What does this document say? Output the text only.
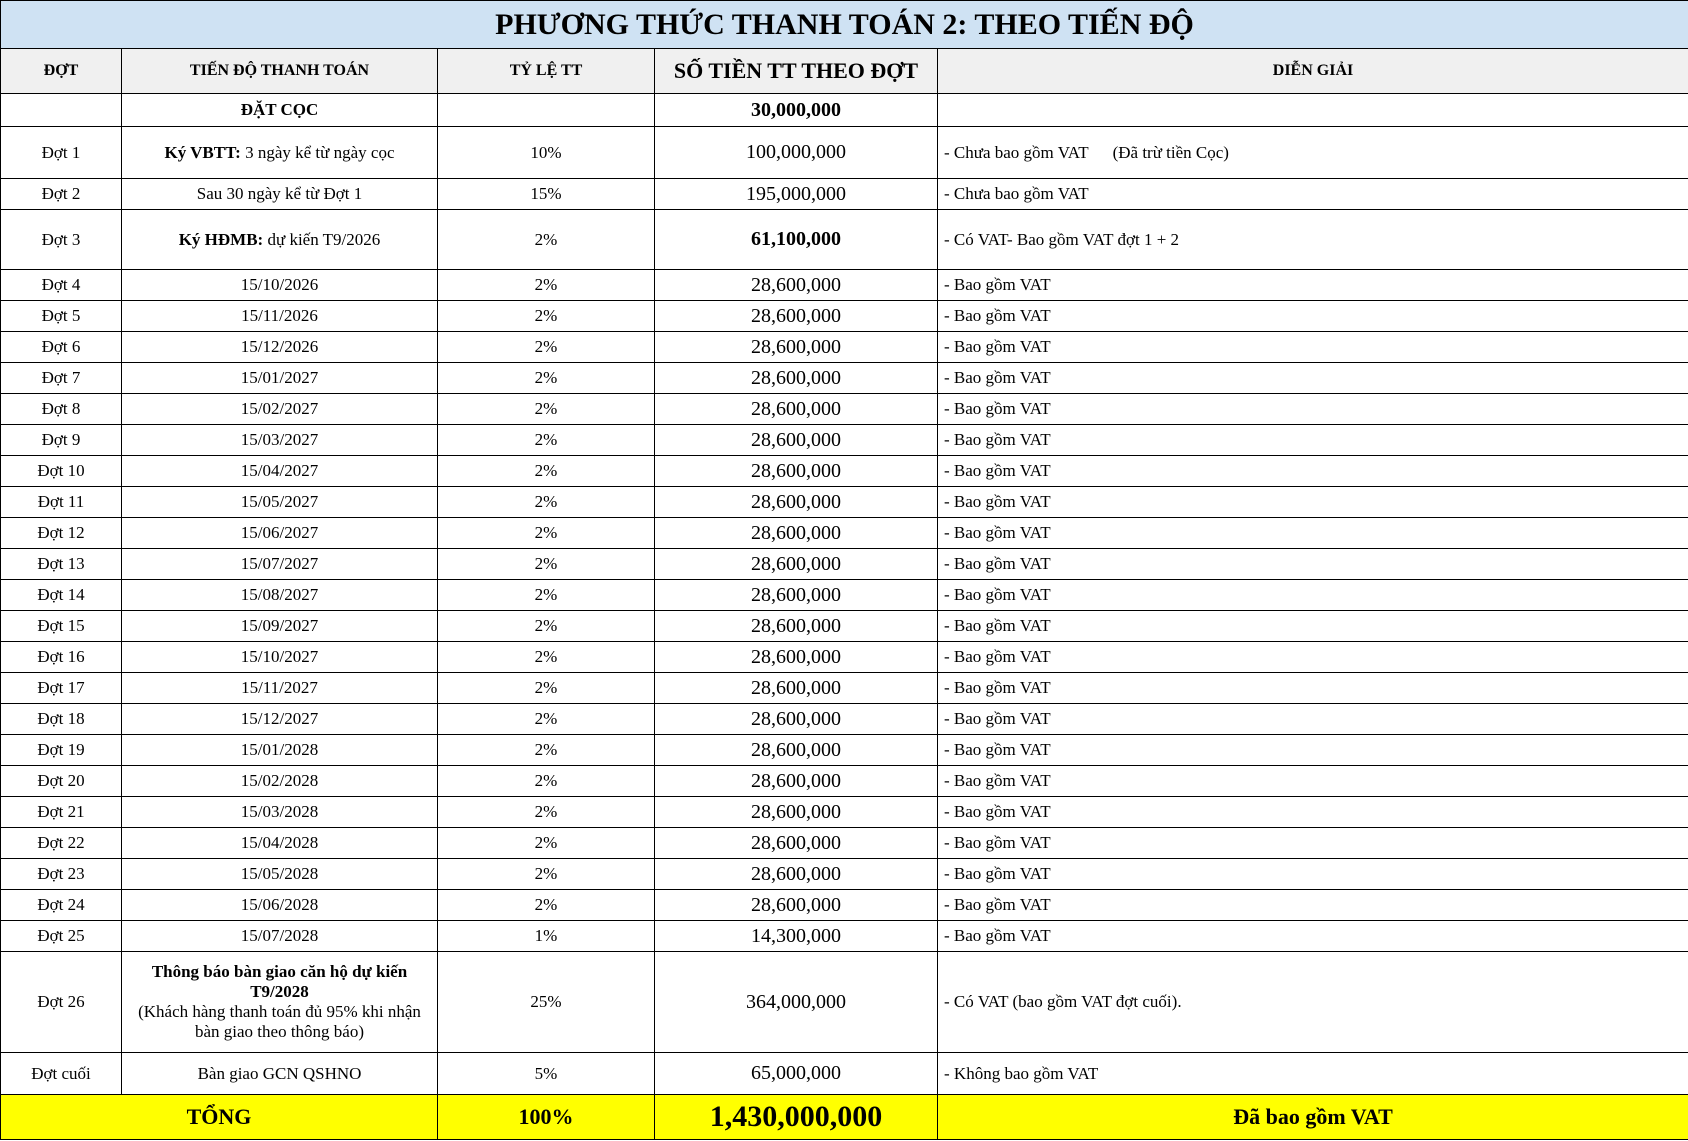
PHƯƠNG THỨC THANH TOÁN 2: THEO TIẾN ĐỘ				
ĐỢT	TIẾN ĐỘ THANH TOÁN	TỶ LỆ TT	SỐ TIỀN TT THEO ĐỢT	DIỄN GIẢI
	ĐẶT CỌC		30,000,000	
Đợt 1	Ký VBTT: 3 ngày kể từ ngày cọc	10%	100,000,000	- Chưa bao gồm VAT (Đã trừ tiền Cọc)
Đợt 2	Sau 30 ngày kể từ Đợt 1	15%	195,000,000	- Chưa bao gồm VAT
Đợt 3	Ký HĐMB: dự kiến T9/2026	2%	61,100,000	- Có VAT- Bao gồm VAT đợt 1 + 2
Đợt 4	15/10/2026	2%	28,600,000	- Bao gồm VAT
Đợt 5	15/11/2026	2%	28,600,000	- Bao gồm VAT
Đợt 6	15/12/2026	2%	28,600,000	- Bao gồm VAT
Đợt 7	15/01/2027	2%	28,600,000	- Bao gồm VAT
Đợt 8	15/02/2027	2%	28,600,000	- Bao gồm VAT
Đợt 9	15/03/2027	2%	28,600,000	- Bao gồm VAT
Đợt 10	15/04/2027	2%	28,600,000	- Bao gồm VAT
Đợt 11	15/05/2027	2%	28,600,000	- Bao gồm VAT
Đợt 12	15/06/2027	2%	28,600,000	- Bao gồm VAT
Đợt 13	15/07/2027	2%	28,600,000	- Bao gồm VAT
Đợt 14	15/08/2027	2%	28,600,000	- Bao gồm VAT
Đợt 15	15/09/2027	2%	28,600,000	- Bao gồm VAT
Đợt 16	15/10/2027	2%	28,600,000	- Bao gồm VAT
Đợt 17	15/11/2027	2%	28,600,000	- Bao gồm VAT
Đợt 18	15/12/2027	2%	28,600,000	- Bao gồm VAT
Đợt 19	15/01/2028	2%	28,600,000	- Bao gồm VAT
Đợt 20	15/02/2028	2%	28,600,000	- Bao gồm VAT
Đợt 21	15/03/2028	2%	28,600,000	- Bao gồm VAT
Đợt 22	15/04/2028	2%	28,600,000	- Bao gồm VAT
Đợt 23	15/05/2028	2%	28,600,000	- Bao gồm VAT
Đợt 24	15/06/2028	2%	28,600,000	- Bao gồm VAT
Đợt 25	15/07/2028	1%	14,300,000	- Bao gồm VAT
Đợt 26	Thông báo bàn giao căn hộ dự kiến T9/2028
(Khách hàng thanh toán đủ 95% khi nhận bàn giao theo thông báo)	25%	364,000,000	- Có VAT (bao gồm VAT đợt cuối).
Đợt cuối	Bàn giao GCN QSHNO	5%	65,000,000	- Không bao gồm VAT
TỔNG		100%	1,430,000,000	Đã bao gồm VAT
